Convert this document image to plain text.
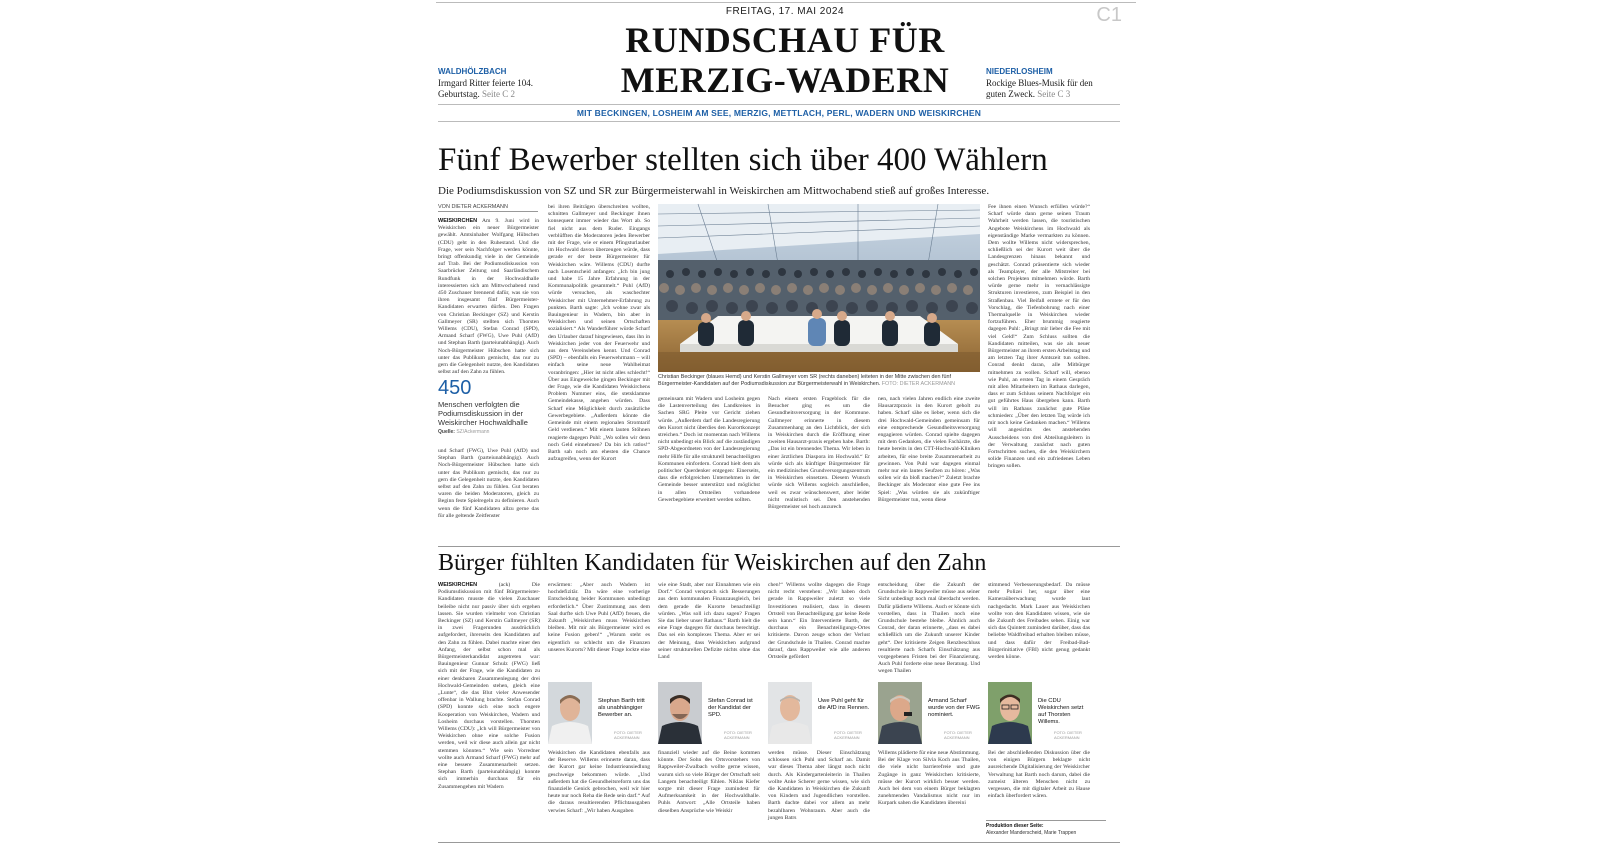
FREITAG, 17. MAI 2024	C1
RUNDSCHAU FÜR
MERZIG-WADERN
WALDHÖLZBACH
Irmgard Ritter feierte 104. Geburtstag. Seite C 2
NIEDERLOSHEIM
Rockige Blues-Musik für den guten Zweck. Seite C 3
MIT BECKINGEN, LOSHEIM AM SEE, MERZIG, METTLACH, PERL, WADERN UND WEISKIRCHEN
Fünf Bewerber stellten sich über 400 Wählern
Die Podiumsdiskussion von SZ und SR zur Bürgermeisterwahl in Weiskirchen am Mittwochabend stieß auf großes Interesse.
VON DIETER ACKERMANN
WEISKIRCHEN Am 9. Juni wird in Weiskirchen ein neuer Bürgermeister gewählt. Amtsinhaber Wolfgang Hübschen (CDU) geht in den Ruhestand. Und die Frage, wer sein Nachfolger werden könnte, bringt offenkundig viele in der Gemeinde auf Trab. Bei der Podiumsdiskussion von Saarbrücker Zeitung und Saarländischem Rundfunk in der Hochwaldhalle interessierten sich am Mittwochabend rund 450 Zuschauer brennend dafür, was sie von ihren insgesamt fünf Bürgermeister-Kandidaten erwarten dürfen. Den Fragen von Christian Beckinger (SZ) und Kerstin Gallmeyer (SR) stellten sich Thorsten Willems (CDU), Stefan Conrad (SPD), Armand Scharf (FWG), Uwe Puhl (AfD) und Stephan Barth (parteiunabhängig). Auch Noch-Bürgermeister Hübschen hatte sich unter das Publikum gemischt, das nur zu gern die Gelegenheit nutzte, den Kandidaten selbst auf den Zahn zu fühlen.
450
Menschen verfolgten die Podiumsdiskussion in der Weiskircher Hochwaldhalle
Quelle: SZ/Ackermann
und Scharf (FWG), Uwe Puhl (AfD) und Stephan Barth (parteiunabhängig). Auch Noch-Bürgermeister Hübschen hatte sich unter das Publikum gemischt, das nur zu gern die Gelegenheit nutzte, den Kandidaten selbst auf den Zahn zu fühlen. Gut beraten waren die beiden Moderatoren, gleich zu Beginn feste Spielregeln zu definieren. Auch wenn die fünf Kandidaten allzu gerne das für alle geltende Zeitfenster
bei ihren Beiträgen überschreiten wollten, schnitten Gallmeyer und Beckinger ihnen konsequent immer wieder das Wort ab. So fiel nicht aus dem Ruder. Eingangs verblüfften die Moderatoren jeden Bewerber mit der Frage, wie er einem Pfingsturlauber im Hochwald davon überzeugen würde, dass gerade er der beste Bürgermeister für Weiskirchen wäre. Willems (CDU) durfte nach Losentscheid anfangen: „Ich bin jung und habe 15 Jahre Erfahrung in der Kommunalpolitik gesammelt.“ Puhl (AfD) würde versuchen, als waschechter Weiskircher mit Unternehmer-Erfahrung zu punkten. Barth sagte: „Ich wohne zwar als Bauingenieur in Wadern, bin aber in Weiskirchen und seinen Ortschaften sozialisiert.“ Als Wanderführer würde Scharf den Urlauber darauf hingewiesen, dass ihn in Weiskirchen jeder von der Feuerwehr und aus dem Vereinsleben kennt. Und Conrad (SPD) – ebenfalls ein Feuerwehrmann – will einfach seine neue Wahlheimat voranbringen: „Hier ist nicht alles schlecht!“ Über aus Eingeweiche gingen Beckinger mit der Frage, wie die Kandidaten Weiskirchens Problem Nummer eins, die stetsklamme Gemeindekasse, angehen würden. Dass Scharf eine Möglichkeit durch zusätzliche Gewerbegebiete. „Außerdem könnte die Gemeinde mit einem regionalen Stromtarif Geld verdienen.“ Mit einem lauten Stöhnen reagierte dagegen Puhl: „Wo sollen wir denn noch Geld einnehmen? Da bin ich ratlos!“ Barth sah noch am ehesten die Chance aufzugreifen, wenn der Kurort
Christian Beckinger (blaues Hemd) und Kerstin Gallmeyer vom SR (rechts daneben) leiteten in der Mitte zwischen den fünf Bürgermeister-Kandidaten auf der Podiumsdiskussion zur Bürgermeisterwahl in Weiskirchen. FOTO: DIETER ACKERMANN
gemeinsam mit Wadern und Losheim gegen die Lastenverteilung des Landkreises in Sachen SRG Pleite vor Gericht ziehen würde. „Außerdem darf die Landesregierung den Kurort nicht überdies den Kurortkonzept streichen.“ Doch ist momentan nach Willems nicht unbedingt ein Blick auf die zuständigen SPD-Abgeordneten von der Landesregierung mehr Hilfe für alle strukturell benachteiligten Kommunen einfordern. Conrad hielt dem als politischer Querdenker entgegen: Einerseits, dass die erfolgreichen Unternehmen in der Gemeinde besser unterstützt und möglichst in allen Ortsteilen vorhandene Gewerbegebiete erweitert werden sollten.
Nach einem ersten Frageblock für die Besucher ging es um die Gesundheitsversorgung in der Kommune. Gallmeyer erinnerte in diesem Zusammenhang an den Lichtblick, der sich in Weiskirchen durch die Eröffnung einer zweiten Hausarzt-praxis ergeben habe. Barth: „Das ist ein brennendes Thema. Wir leben in einer ärztlichen Diaspora im Hochwald.“ Er würde sich als künftiger Bürgermeister für ein medizinisches Grundversorgungszentrum in Weiskirchen einsetzen. Diesem Wunsch würde sich Willems sogleich anschließen, weil es zwar wünschenswert, aber leider nicht realistisch sei. Den anstehenden Bürgermeister sei hoch anzurech
nen, nach vielen Jahren endlich eine zweite Hausarztpraxis in den Kurort geholt zu haben. Scharf sähe es lieber, wenn sich die drei Hochwald-Gemeinden gemeinsam für eine entsprechende Gesundheitsversorgung engagieren würden. Conrad spielte dagegen mit dem Gedanken, die vielen Fachärzte, die heute bereits in den CTT-Hochwald-Kliniken arbeiten, für eine breite Zusammenarbeit zu gewinnen. Von Puhl war dagegen einmal mehr nur ein lautes Seufzen zu hören: „Was sollen wir da bloß machen?“ Zuletzt brachte Beckinger als Moderator eine gute Fee ins Spiel: „Was würden sie als zukünftiger Bürgermeister tun, wenn diese
Fee ihnen einen Wunsch erfüllen würde?“ Scharf würde dann gerne seinen Traum Wahrheit werden lassen, die touristischen Angebote Weiskirchens im Hochwald als eigenständige Marke vermarkten zu können. Dem wollte Willems nicht widersprechen, schließlich sei der Kurort weit über die Landesgrenzen hinaus bekannt und geschätzt. Conrad präsentierte sich wieder als Teamplayer, der alle Mitstreiter bei solchen Projekten mitnehmen würde. Barth würde gerne mehr in vernachlässigte Strukturen investieren, zum Beispiel in den Straßenbau. Viel Beifall erntete er für den Vorschlag, die Tiefenbohrung nach einer Thermalquelle in Weiskirchen wieder fortzuführen. Eher brummig reagierte dagegen Puhl: „Bringt mir lieber die Fee mit viel Geld!“ Zum Schluss sollten die Kandidaten mitteilen, was sie als neuer Bürgermeister an ihrem ersten Arbeitstag und am letzten Tag ihrer Amtszeit tun sollten. Conrad denkt daran, alle Mitbürger mitnehmen zu wollen. Scharf will, ebenso wie Puhl, an ersten Tag in einem Gespräch mit allen Mitarbeitern im Rathaus darlegen, dass er zum Schluss seinem Nachfolger ein gut geführtes Haus übergeben kann. Barth will im Rathaus zunächst gute Pläne schmieden: „Über den letzten Tag würde ich mir noch keine Gedanken machen.“ Willems will angesichts des anstehenden Ausscheidens von drei Abteilungsleitern in der Verwaltung zunächst nach guten Fortschritten suchen, die den Weiskirchern solide Finanzen und ein zufriedenes Leben bringen sollen.
Bürger fühlten Kandidaten für Weiskirchen auf den Zahn
WEISKIRCHEN	(ack) Die Podiumsdiskussion mit fünf Bürgermeister-Kandidaten musste die vielen Zuschauer beileibe nicht nur passiv über sich ergehen lassen. Sie wurden vielmehr von Christian Beckinger (SZ) und Kerstin Gallmeyer (SR) in zwei Fragerunden ausdrücklich aufgefordert, ihrerseits den Kandidaten auf den Zahn zu fühlen. Dabei machte einer den Anfang, der selbst schon mal als Bürgermeisterkandidat angetreten war: Bauingenieur Gunnar Schulz (FWG) ließ sich mit der Frage, wie die Kandidaten zu einer denkbaren Zusammenlegung der drei Hochwald-Gemeinden stehen, gleich eine „Lunte“, die das Blut vieler Anwesender offenbar in Wallung brachte. Stefan Conrad (SPD) konnte sich eine noch engere Kooperation von Weiskirchen, Wadern und Losheim durchaus vorstellen. Thorsten Willems (CDU): „Ich will Bürgermeister von Weiskirchen ohne eine solche Fusion werden, weil wir diese auch allein gar nicht stemmen könnten.“ Wie sein Vorredner wollte auch Armand Scharf (FWG) mehr auf eine bessere Zusammenarbeit setzen. Stephan Barth (parteiunabhängig) konnte sich immerhin durchaus für ein Zusammengehen mit Wadern
erwärmen: „Aber auch Wadern ist hochdefizitär. Da wäre eine vorherige Entscheidung beider Kommunen unbedingt erforderlich.“ Über Zustimmung aus dem Saal durfte sich Uwe Puhl (AfD) freuen, die Zukunft „Weiskirchen muss Weiskirchen bleiben. Mit mir als Bürgermeister wird es keine Fusion geben!“ „Warum steht es eigentlich so schlecht um die Finanzen unseres Kurorts? Mit dieser Frage lockte eine
wie eine Stadt, aber nur Einnahmen wie ein Dorf.“ Conrad versprach sich Besserungen aus dem kommunalen Finanzausgleich, bei dem gerade die Kurorte benachteiligt würden. „Was soll ich dazu sagen? Fragen Sie das lieber unser Rathaus.“ Barth hielt die eine Frage dagegen für durchaus berechtigt. Das sei ein komplexes Thema. Aber er sei der Meinung, dass Weiskirchen aufgrund seiner strukturellen Defizite nichts ohne das Land
chen!“ Willems wollte dagegen die Frage nicht recht verstehen: „Wir haben doch gerade in Rappweiler zuletzt so viele Investitionen realisiert, dass in diesem Ortsteil von Benachteiligung gar keine Rede sein kann.“ Ein Interventierte Barth, der durchaus ein Benachteiligungs-Ortes kritisierte. Davon zeuge schon der Verlust der Grundschule in Thailen. Conrad machte darauf, dass Rappweiler wie alle anderen Ortsteile gefördert
entscheidung über die Zukunft der Grundschule in Rappweiler müsse aus seiner Sicht unbedingt noch mal überdacht werden. Dafür plädierte Willems. Auch er könnte sich vorstellen, dass in Thailen noch eine Grundschule bestehe bleibe. Ähnlich auch Conrad, der daran erinnerte, „dass es dabei schließlich um die Zukunft unserer Kinder geht“. Der kritisierte Zeigen Renzbeschluss resultierte nach Scharfs Einschätzung aus vorgegebenen Fristen bei der Finanzierung. Auch Puhl forderte eine neue Beratung. Und wegen Thailen
stimmend Verbesserungsbedarf. Da müsse mehr Polizei her, sogar über eine Kameraüberwachung wurde laut nachgedacht. Mark Lauer aus Weiskirchen wollte von den Kandidaten wissen, wie sie die Zukunft des Freibades sehen. Einig war sich das Quintett zumindest darüber, dass das beliebte Waldfreibad erhalten bleiben müsse, und dass dafür der Freibad-Bad-Bürgerinitiative (FBI) nicht genug gedankt werden könne.
Stephan Barth tritt als unabhängiger Bewerber an.
FOTO: DIETER ACKERMANN
Stefan Conrad ist der Kandidat der SPD.
FOTO: DIETER ACKERMANN
Uwe Puhl geht für die AfD ins Rennen.
FOTO: DIETER ACKERMANN
Armand Scharf wurde von der FWG nominiert.
FOTO: DIETER ACKERMANN
Die CDU Weiskirchen setzt auf Thorsten Willems.
FOTO: DIETER ACKERMANN
Weiskirchen die Kandidaten ebenfalls aus der Reserve. Willems erinnerte daran, dass der Kurort gar keine Industrieansiedlung geschweige bekommen würde. „Und außerdem hat die Gesundheitsreform uns das finanzielle Genick gebrochen, weil wir hier heute nur noch Reha die Rede sein darf.“ Auf die daraus resultierenden Pflichtausgaben verwies Scharf: „Wir haben Ausgaben
finanziell wieder auf die Beine kommen könnte. Der Sohn des Ortsvorstehers von Rappweiler-Zwalbach wollte gerne wissen, warum sich so viele Bürger der Ortschaft seit Langem benachteiligt fühlen. Niklas Kiefer sorgte mit dieser Frage zumindest für Aufmerksamkeit in der Hochwaldhalle. Puhls Antwort: „Alle Ortsteile haben dieselben Ansprüche wie Weiskir
werden müsse. Dieser Einschätzung schlossen sich Puhl und Scharf an. Damit war dieses Thema aber längst noch nicht durch. Als Kindergartenleiterin in Thailen wollte Anke Scherer gerne wissen, wie sich die Kandidaten in Weiskirchen die Zukunft von Kindern und Jugendlichen vorstellen. Barth dachte dabei vor allem an mehr bezahlbaren Wohnraum. Aber auch die jungen Batrs
Willems plädierte für eine neue Abstimmung. Bei der Klage von Silvia Koch aus Thailen, die viele nicht barrierefreie und gute Zugänge in ganz Weiskirchen kritisierte, müsse der Kurort wirklich besser werden. Auch bei dem von einem Bürger beklagten zunehmenden Vandalismus nicht nur im Kurpark sahen die Kandidaten übereini
Bei der abschließenden Diskussion über die von einigen Bürgern beklagte nicht ausreichende Digitalisierung der Weiskircher Verwaltung hat Barth noch darum, dabei die zumeist älteren Menschen nicht zu vergessen, die mit digitaler Arbeit zu Hause einfach überfordert wären.
Produktion dieser Seite:
Alexander Manderscheid, Marie Trappen
